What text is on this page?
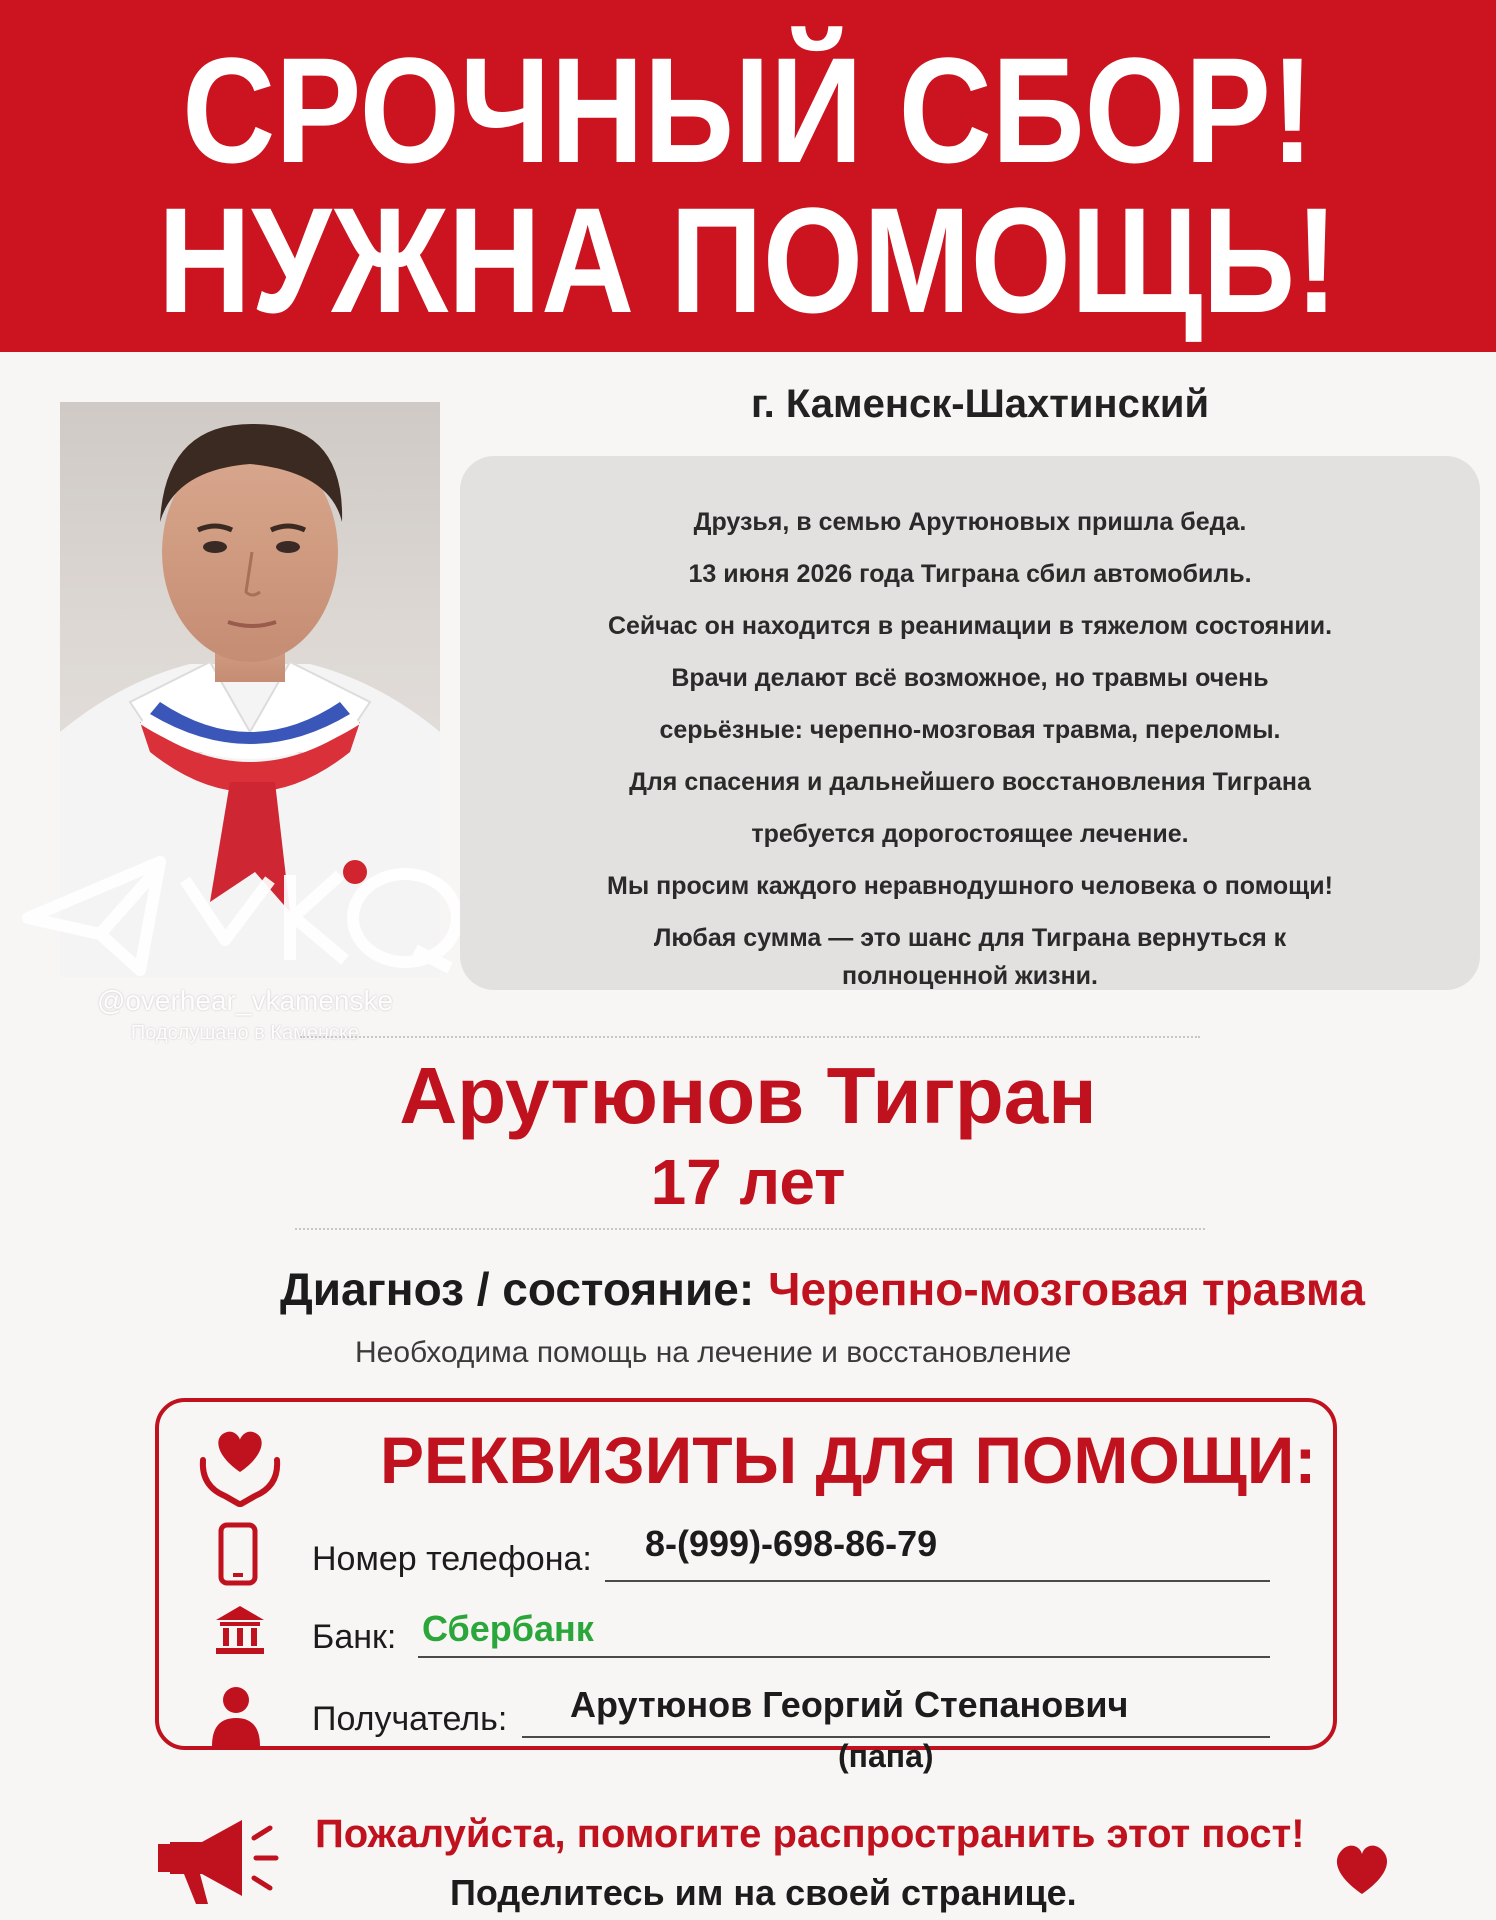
СРОЧНЫЙ СБОР!
НУЖНА ПОМОЩЬ!
@overhear_vkamenske
Подслушано в Каменске
г. Каменск-Шахтинский

Друзья, в семью Арутюновых пришла беда.

13 июня 2026 года Тиграна сбил автомобиль.

Сейчас он находится в реанимации в тяжелом состоянии.

Врачи делают всё возможное, но травмы очень

серьёзные: черепно-мозговая травма, переломы.

Для спасения и дальнейшего восстановления Тиграна

требуется дорогостоящее лечение.

Мы просим каждого неравнодушного человека о помощи!

Любая сумма — это шанс для Тиграна вернуться к

полноценной жизни.

Арутюнов Тигран
17 лет
Диагноз / состояние: Черепно-мозговая травма
Необходима помощь на лечение и восстановление
РЕКВИЗИТЫ ДЛЯ ПОМОЩИ:
Номер телефона: 8-(999)-698-86-79
Банк: Сбербанк
Получатель: Арутюнов Георгий Степанович
(папа)
Пожалуйста, помогите распространить этот пост!
Поделитесь им на своей странице.
